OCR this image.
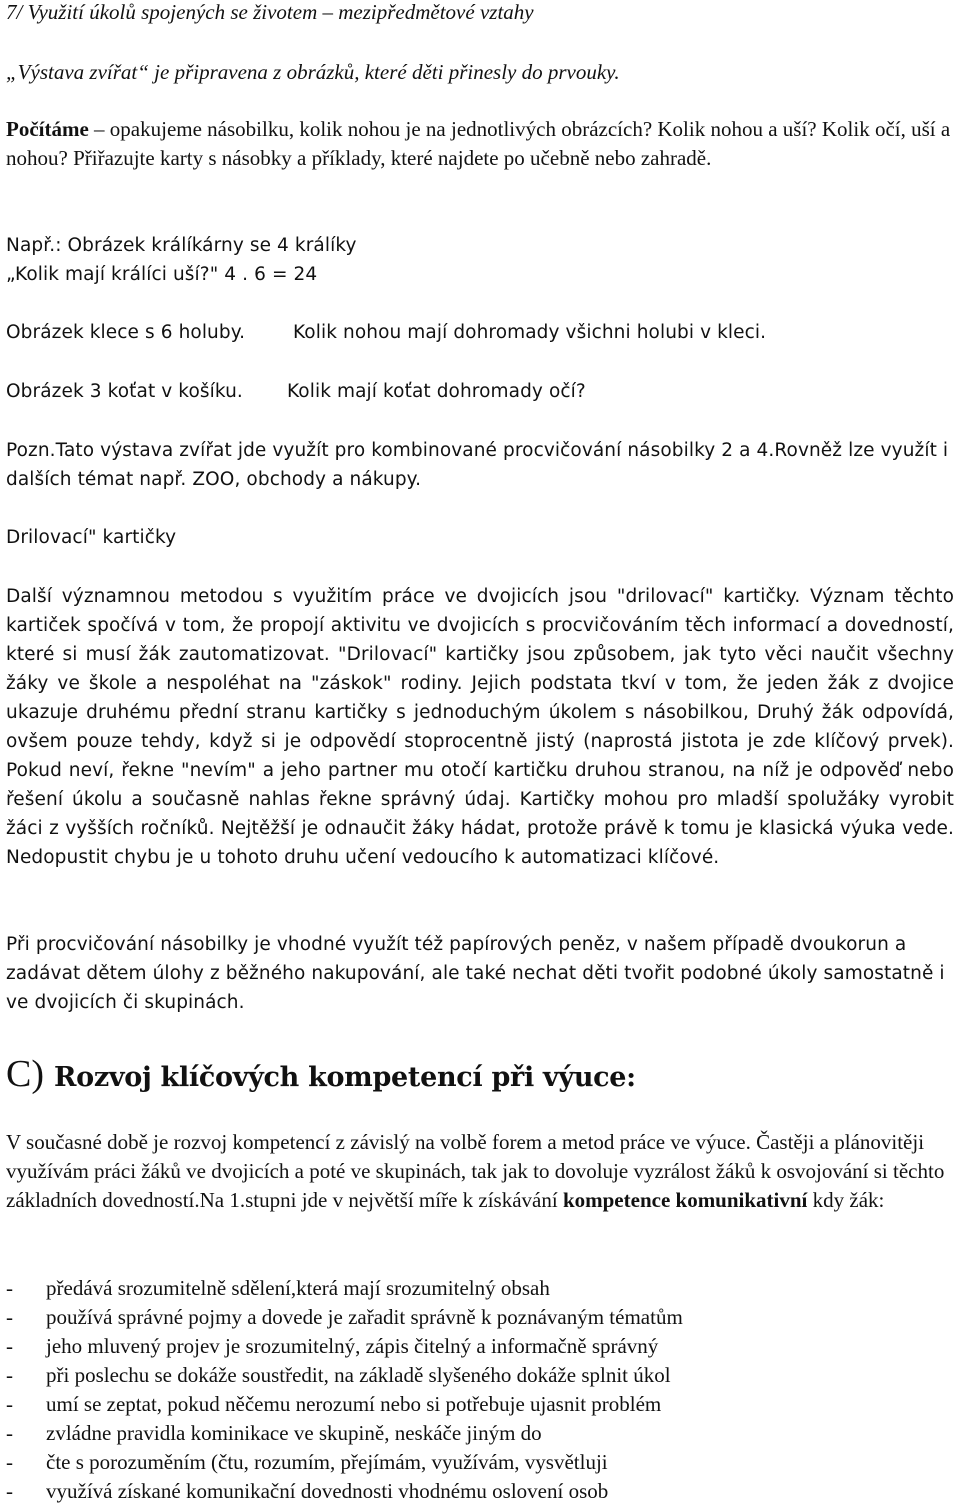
7/ Využití úkolů spojených se životem – mezipředmětové vztahy
„Výstava zvířat“ je připravena z obrázků, které děti přinesly do prvouky.
Počítáme – opakujeme násobilku, kolik nohou je na jednotlivých obrázcích? Kolik nohou a uší? Kolik očí, uší a nohou? Přiřazujte karty s násobky a příklady, které najdete po učebně nebo zahradě.
Např.: Obrázek králíkárny se 4 králíky
„Kolik mají králíci uší?" 4 . 6 = 24
Obrázek klece s 6 holuby.	Kolik nohou mají dohromady všichni holubi v kleci.
Obrázek 3 koťat v košíku. Kolik mají koťat dohromady očí?
Pozn.Tato výstava zvířat jde využít pro kombinované procvičování násobilky 2 a 4.Rovněž lze využít i dalších témat např. ZOO, obchody a nákupy.
Drilovací" kartičky
Další významnou metodou s využitím práce ve dvojicích jsou "drilovací" kartičky. Význam těchto kartiček spočívá v tom, že propojí aktivitu ve dvojicích s procvičováním těch informací a dovedností, které si musí žák zautomatizovat. "Drilovací" kartičky jsou způsobem, jak tyto věci naučit všechny žáky ve škole a nespoléhat na "záskok" rodiny. Jejich podstata tkví v tom, že jeden žák z dvojice ukazuje druhému přední stranu kartičky s jednoduchým úkolem s násobilkou, Druhý žák odpovídá, ovšem pouze tehdy, když si je odpovědí stoprocentně jistý (naprostá jistota je zde klíčový prvek). Pokud neví, řekne "nevím" a jeho partner mu otočí kartičku druhou stranou, na níž je odpověď nebo řešení úkolu a současně nahlas řekne správný údaj. Kartičky mohou pro mladší spolužáky vyrobit žáci z vyšších ročníků. Nejtěžší je odnaučit žáky hádat, protože právě k tomu je klasická výuka vede. Nedopustit chybu je u tohoto druhu učení vedoucího k automatizaci klíčové.
Při procvičování násobilky je vhodné využít též papírových peněz, v našem případě dvoukorun a zadávat dětem úlohy z běžného nakupování, ale také nechat děti tvořit podobné úkoly samostatně i ve dvojicích či skupinách.
C) Rozvoj klíčových kompetencí při výuce:
V současné době je rozvoj kompetencí z závislý na volbě forem a metod práce ve výuce. Častěji a plánovitěji využívám práci žáků ve dvojicích a poté ve skupinách, tak jak to dovoluje vyzrálost žáků k osvojování si těchto základních dovedností.Na 1.stupni jde v největší míře k získávání kompetence komunikativní kdy žák:
-	předává srozumitelně sdělení,která mají srozumitelný obsah
-	používá správné pojmy a dovede je zařadit správně k poznávaným tématům
-	jeho mluvený projev je srozumitelný, zápis čitelný a informačně správný
-	při poslechu se dokáže soustředit, na základě slyšeného dokáže splnit úkol
-	umí se zeptat, pokud něčemu nerozumí nebo si potřebuje ujasnit problém
-	zvládne pravidla kominikace ve skupině, neskáče jiným do
-	čte s porozuměním (čtu, rozumím, přejímám, využívám, vysvětluji
-	využívá získané komunikační dovednosti vhodnému oslovení osob
